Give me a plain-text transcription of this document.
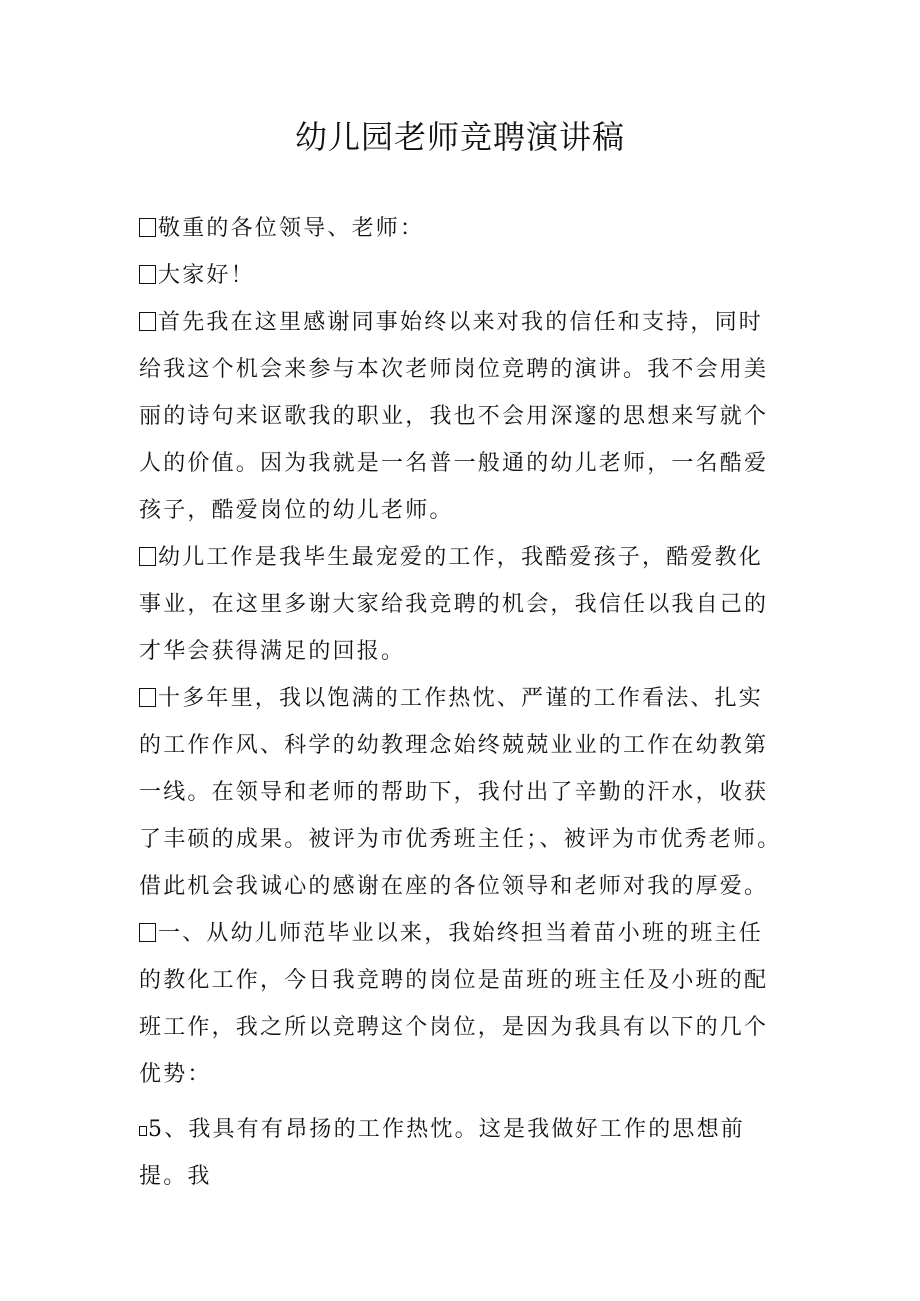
幼儿园老师竞聘演讲稿

敬重的各位领导、老师：

大家好！

首先我在这里感谢同事始终以来对我的信任和支持，同时给我这个机会来参与本次老师岗位竞聘的演讲。我不会用美丽的诗句来讴歌我的职业，我也不会用深邃的思想来写就个人的价值。因为我就是一名普一般通的幼儿老师，一名酷爱孩子，酷爱岗位的幼儿老师。

幼儿工作是我毕生最宠爱的工作，我酷爱孩子，酷爱教化事业，在这里多谢大家给我竞聘的机会，我信任以我自己的才华会获得满足的回报。

十多年里，我以饱满的工作热忱、严谨的工作看法、扎实的工作作风、科学的幼教理念始终兢兢业业的工作在幼教第一线。在领导和老师的帮助下，我付出了辛勤的汗水，收获了丰硕的成果。被评为市优秀班主任；、被评为市优秀老师。借此机会我诚心的感谢在座的各位领导和老师对我的厚爱。

一、从幼儿师范毕业以来，我始终担当着苗小班的班主任的教化工作，今日我竞聘的岗位是苗班的班主任及小班的配班工作，我之所以竞聘这个岗位，是因为我具有以下的几个优势：

5、我具有有昂扬的工作热忱。这是我做好工作的思想前提。我
